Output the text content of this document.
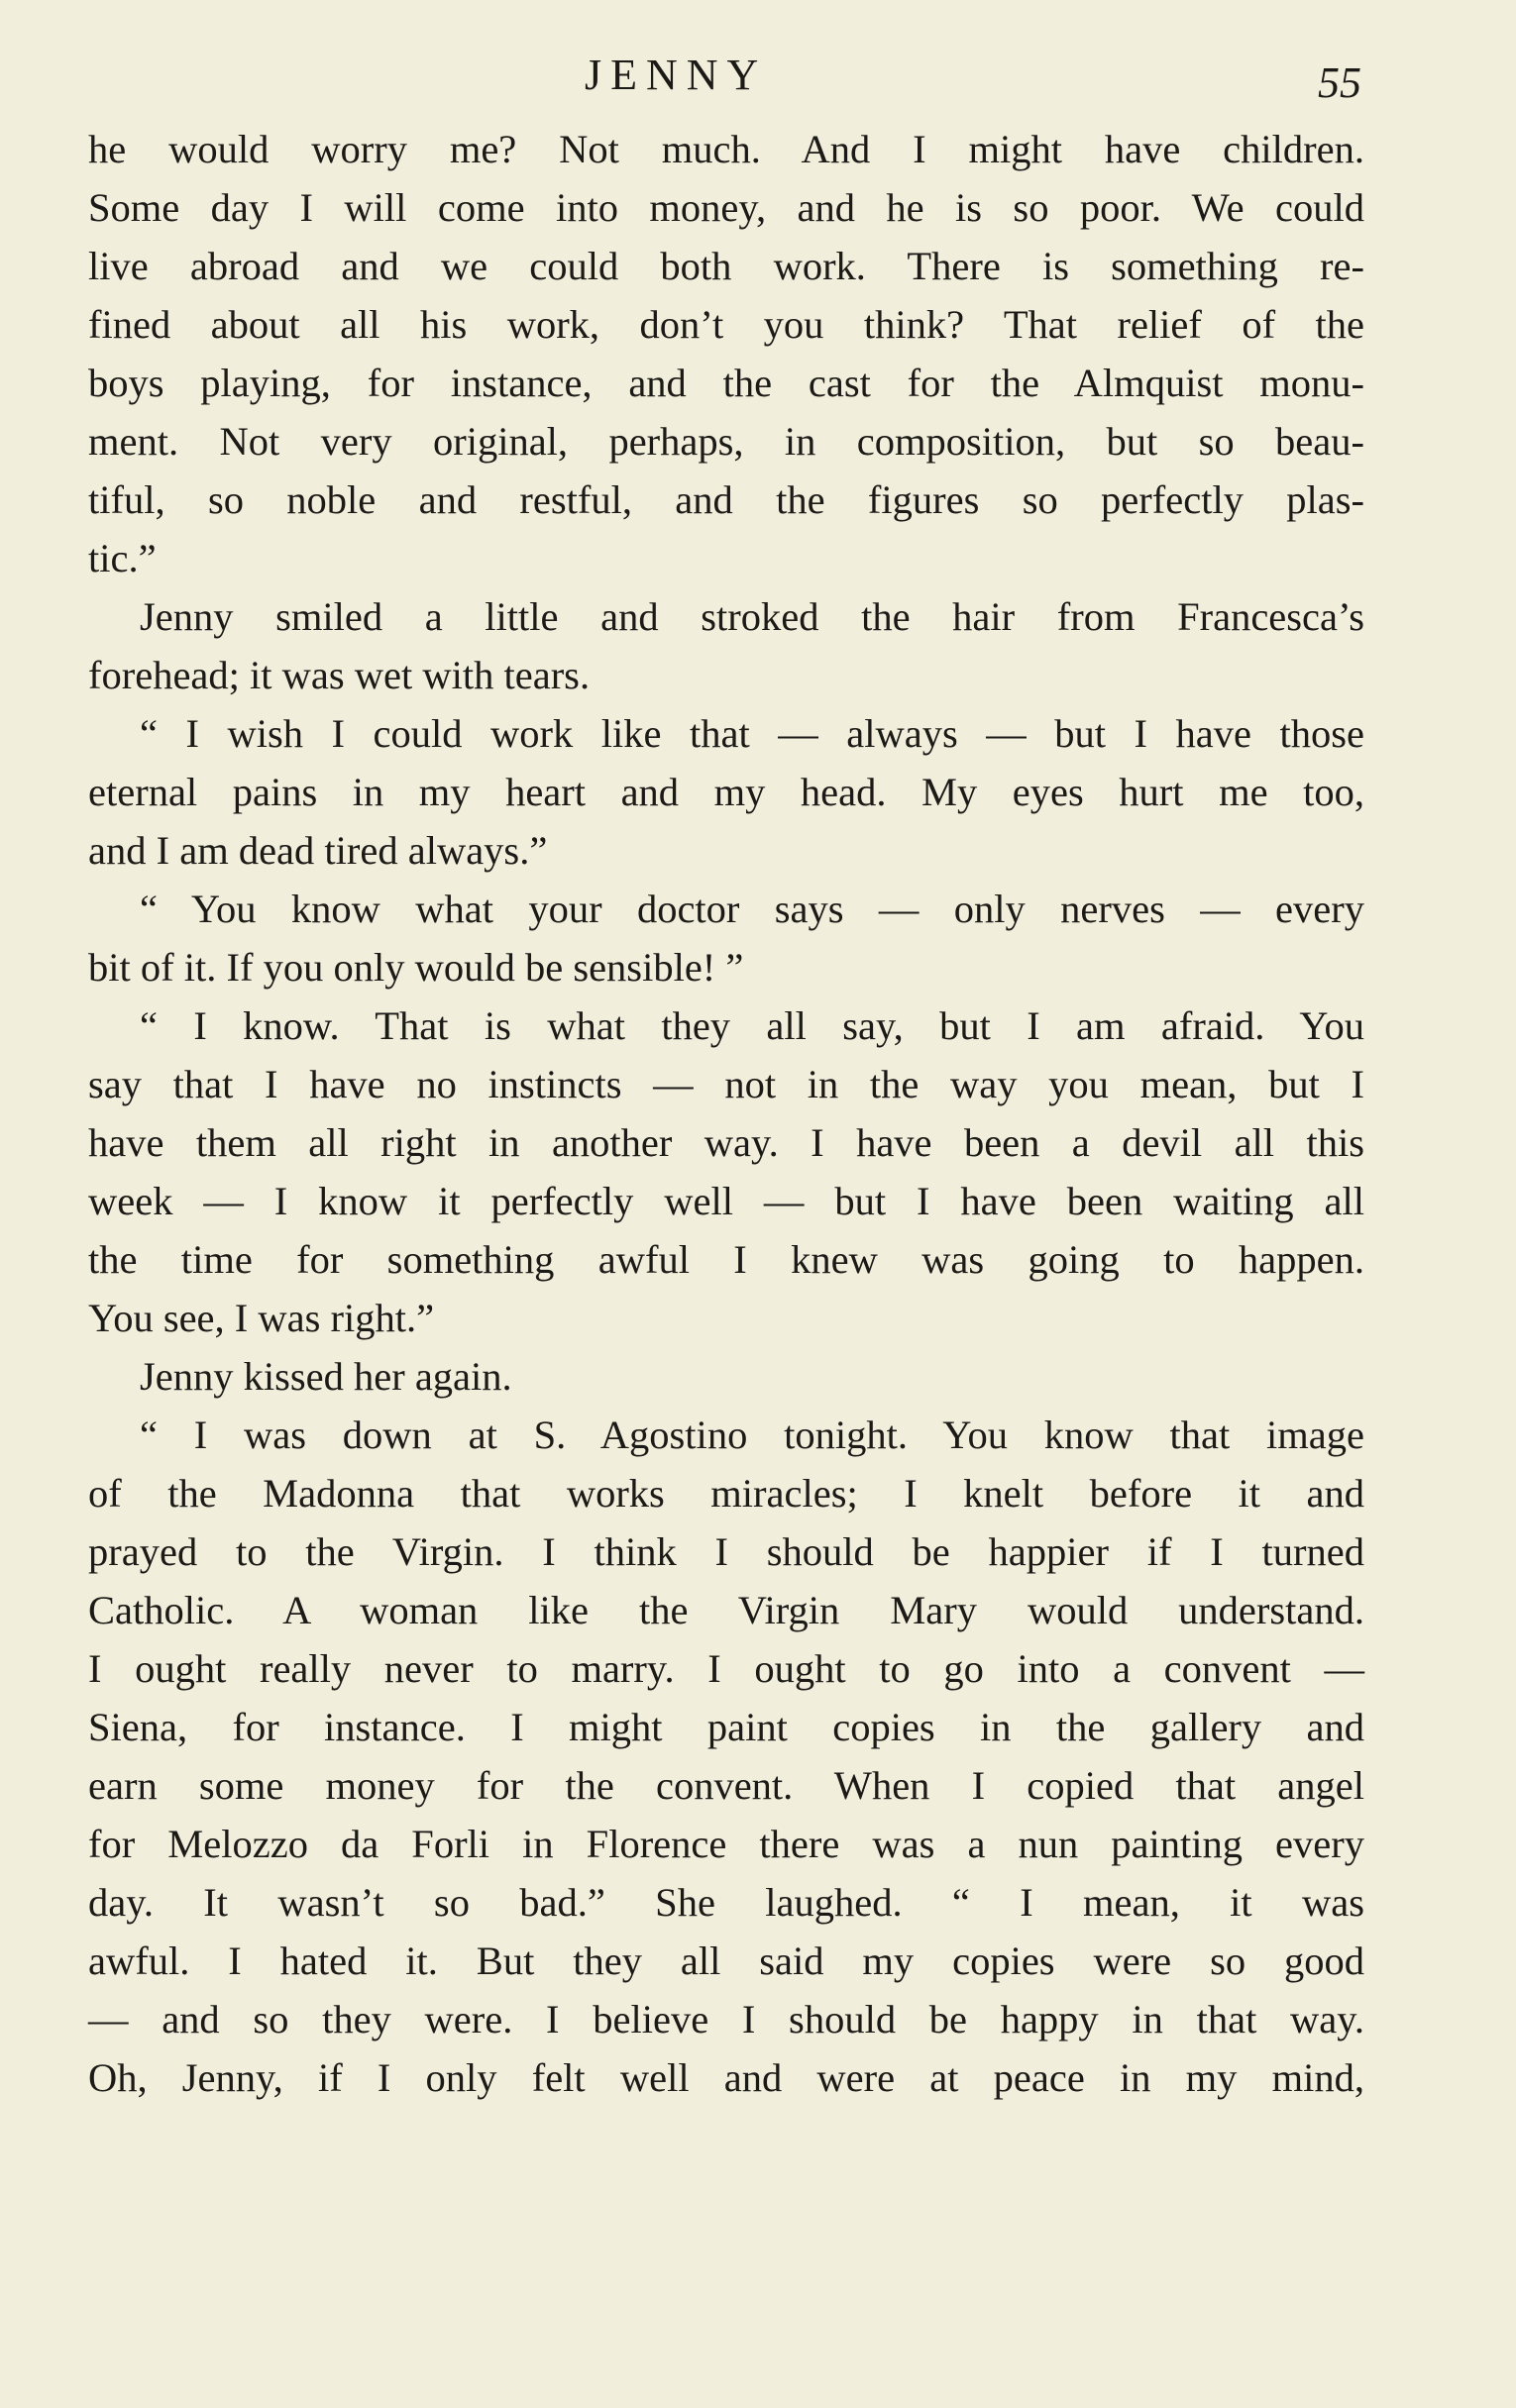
JENNY	55
he would worry me? Not much. And I might have children.
Some day I will come into money, and he is so poor. We could
live abroad and we could both work. There is something re-
fined about all his work, don’t you think? That relief of the
boys playing, for instance, and the cast for the Almquist monu-
ment. Not very original, perhaps, in composition, but so beau-
tiful, so noble and restful, and the figures so perfectly plas-
tic.”
Jenny smiled a little and stroked the hair from Francesca’s
forehead; it was wet with tears.
“ I wish I could work like that — always — but I have those
eternal pains in my heart and my head. My eyes hurt me too,
and I am dead tired always.”
“ You know what your doctor says — only nerves — every
bit of it. If you only would be sensible! ”
“ I know. That is what they all say, but I am afraid. You
say that I have no instincts — not in the way you mean, but I
have them all right in another way. I have been a devil all this
week — I know it perfectly well — but I have been waiting all
the time for something awful I knew was going to happen.
You see, I was right.”
Jenny kissed her again.
“ I was down at S. Agostino tonight. You know that image
of the Madonna that works miracles; I knelt before it and
prayed to the Virgin. I think I should be happier if I turned
Catholic. A woman like the Virgin Mary would understand.
I ought really never to marry. I ought to go into a convent —
Siena, for instance. I might paint copies in the gallery and
earn some money for the convent. When I copied that angel
for Melozzo da Forli in Florence there was a nun painting every
day. It wasn’t so bad.” She laughed. “ I mean, it was
awful. I hated it. But they all said my copies were so good
— and so they were. I believe I should be happy in that way.
Oh, Jenny, if I only felt well and were at peace in my mind,
